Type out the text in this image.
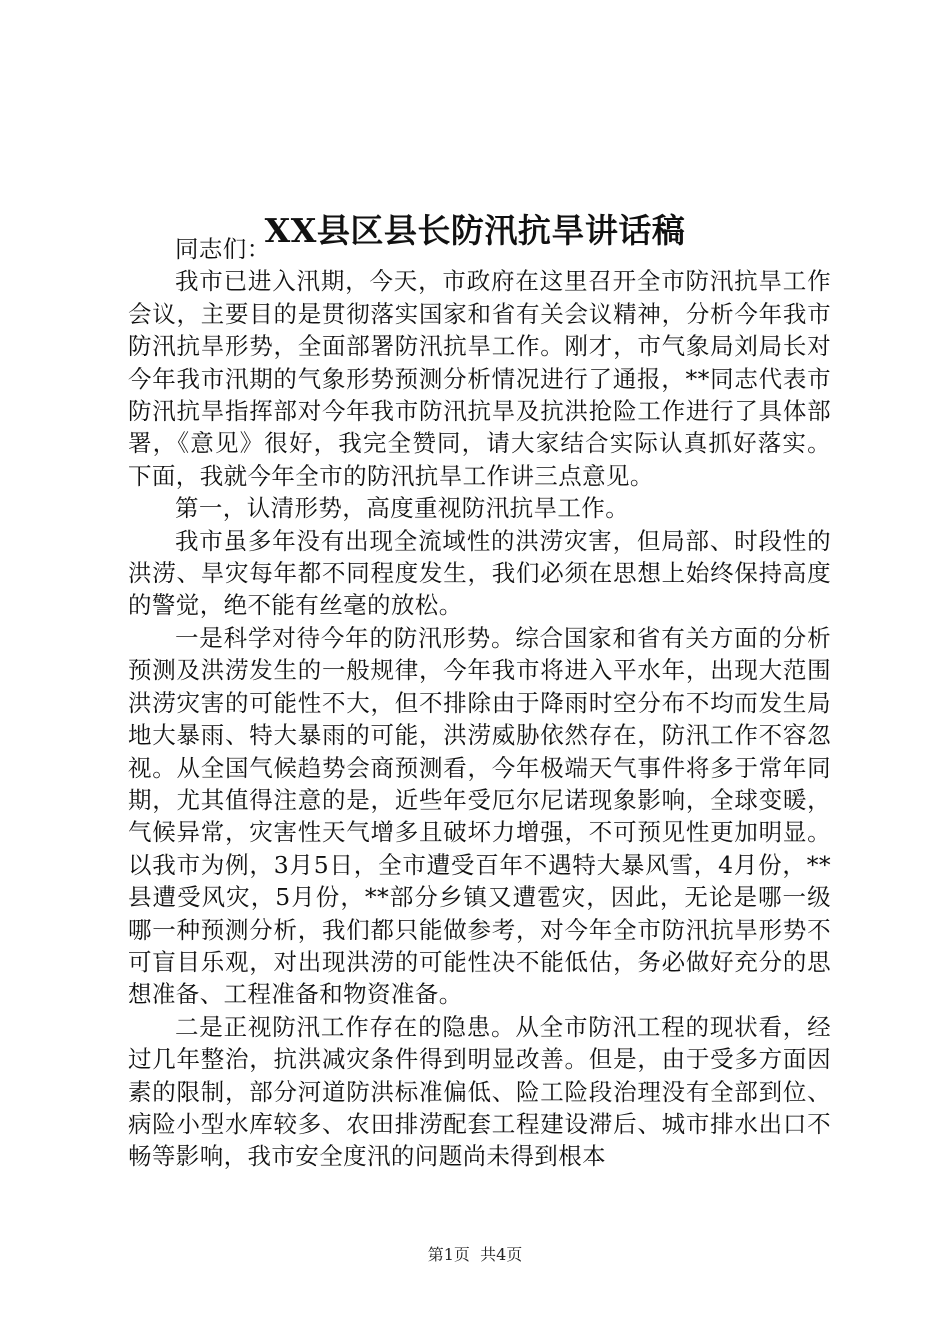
XX县区县长防汛抗旱讲话稿

同志们：

我市已进入汛期，今天，市政府在这里召开全市防汛抗旱工作会议，主要目的是贯彻落实国家和省有关会议精神，分析今年我市防汛抗旱形势，全面部署防汛抗旱工作。刚才，市气象局刘局长对今年我市汛期的气象形势预测分析情况进行了通报，**同志代表市防汛抗旱指挥部对今年我市防汛抗旱及抗洪抢险工作进行了具体部署，《意见》很好，我完全赞同，请大家结合实际认真抓好落实。下面，我就今年全市的防汛抗旱工作讲三点意见。

第一，认清形势，高度重视防汛抗旱工作。

我市虽多年没有出现全流域性的洪涝灾害，但局部、时段性的洪涝、旱灾每年都不同程度发生，我们必须在思想上始终保持高度的警觉，绝不能有丝毫的放松。

一是科学对待今年的防汛形势。综合国家和省有关方面的分析预测及洪涝发生的一般规律，今年我市将进入平水年，出现大范围洪涝灾害的可能性不大，但不排除由于降雨时空分布不均而发生局地大暴雨、特大暴雨的可能，洪涝威胁依然存在，防汛工作不容忽视。从全国气候趋势会商预测看，今年极端天气事件将多于常年同期，尤其值得注意的是，近些年受厄尔尼诺现象影响，全球变暖，气候异常，灾害性天气增多且破坏力增强，不可预见性更加明显。以我市为例，3月5日，全市遭受百年不遇特大暴风雪，4月份，**县遭受风灾，5月份，**部分乡镇又遭雹灾，因此，无论是哪一级哪一种预测分析，我们都只能做参考，对今年全市防汛抗旱形势不可盲目乐观，对出现洪涝的可能性决不能低估，务必做好充分的思想准备、工程准备和物资准备。

二是正视防汛工作存在的隐患。从全市防汛工程的现状看，经过几年整治，抗洪减灾条件得到明显改善。但是，由于受多方面因素的限制，部分河道防洪标准偏低、险工险段治理没有全部到位、病险小型水库较多、农田排涝配套工程建设滞后、城市排水出口不畅等影响，我市安全度汛的问题尚未得到根本

第1页 共4页
